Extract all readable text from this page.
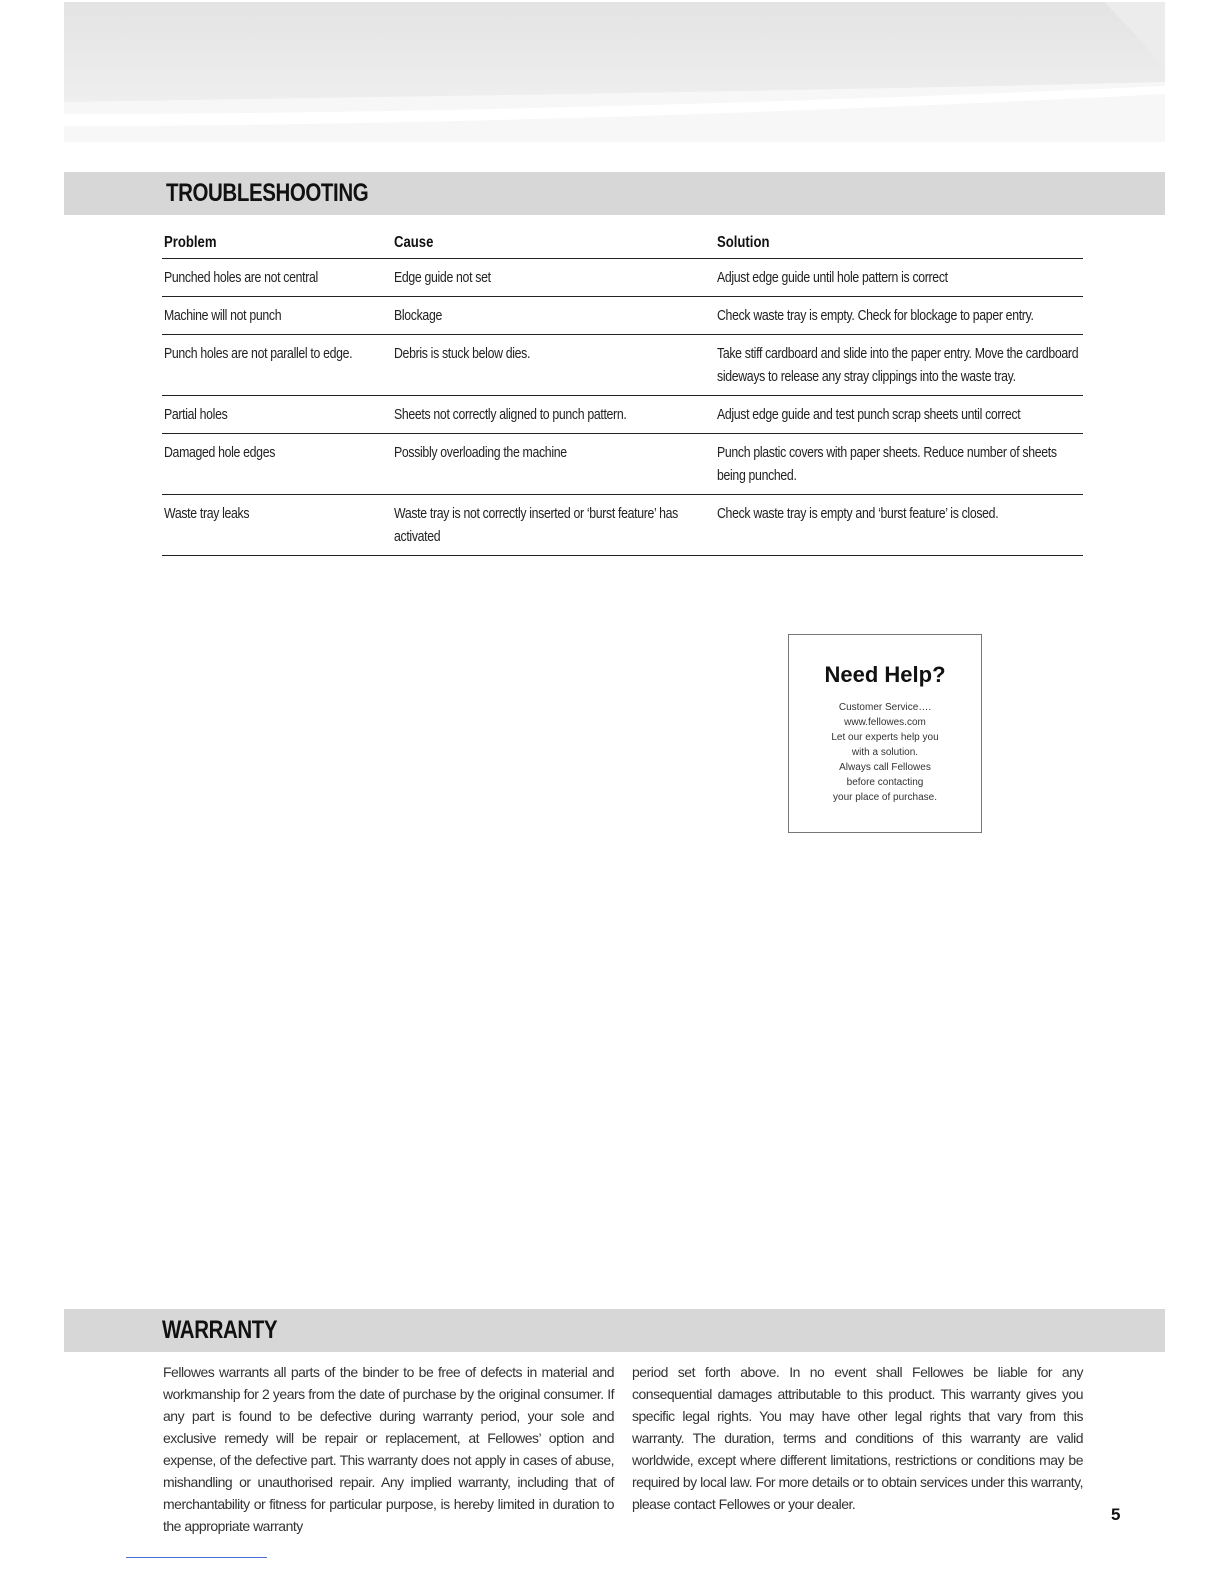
TROUBLESHOOTING
Problem	Cause	Solution
Punched holes are not central	Edge guide not set	Adjust edge guide until hole pattern is correct
Machine will not punch	Blockage	Check waste tray is empty. Check for blockage to paper entry.
Punch holes are not parallel to edge.	Debris is stuck below dies.	Take stiff cardboard and slide into the paper entry. Move the cardboard sideways to release any stray clippings into the waste tray.
Partial holes	Sheets not correctly aligned to punch pattern.	Adjust edge guide and test punch scrap sheets until correct
Damaged hole edges	Possibly overloading the machine	Punch plastic covers with paper sheets. Reduce number of sheets being punched.
Waste tray leaks	Waste tray is not correctly inserted or ‘burst feature’ has activated	Check waste tray is empty and ‘burst feature’ is closed.
Need Help?
Customer Service….
www.fellowes.com
Let our experts help you
with a solution.
Always call Fellowes
before contacting
your place of purchase.
WARRANTY

Fellowes warrants all parts of the binder to be free of defects in material and workmanship for 2 years from the date of purchase by the original consumer. If any part is found to be defective during warranty period, your sole and exclusive remedy will be repair or replacement, at Fellowes’ option and expense, of the defective part. This warranty does not apply in cases of abuse, mishandling or unauthorised repair. Any implied warranty, including that of merchantability or fitness for particular purpose, is hereby limited in duration to the appropriate warranty

period set forth above. In no event shall Fellowes be liable for any consequential damages attributable to this product. This warranty gives you specific legal rights. You may have other legal rights that vary from this warranty. The duration, terms and conditions of this warranty are valid worldwide, except where different limitations, restrictions or conditions may be required by local law. For more details or to obtain services under this warranty, please contact Fellowes or your dealer.

5
